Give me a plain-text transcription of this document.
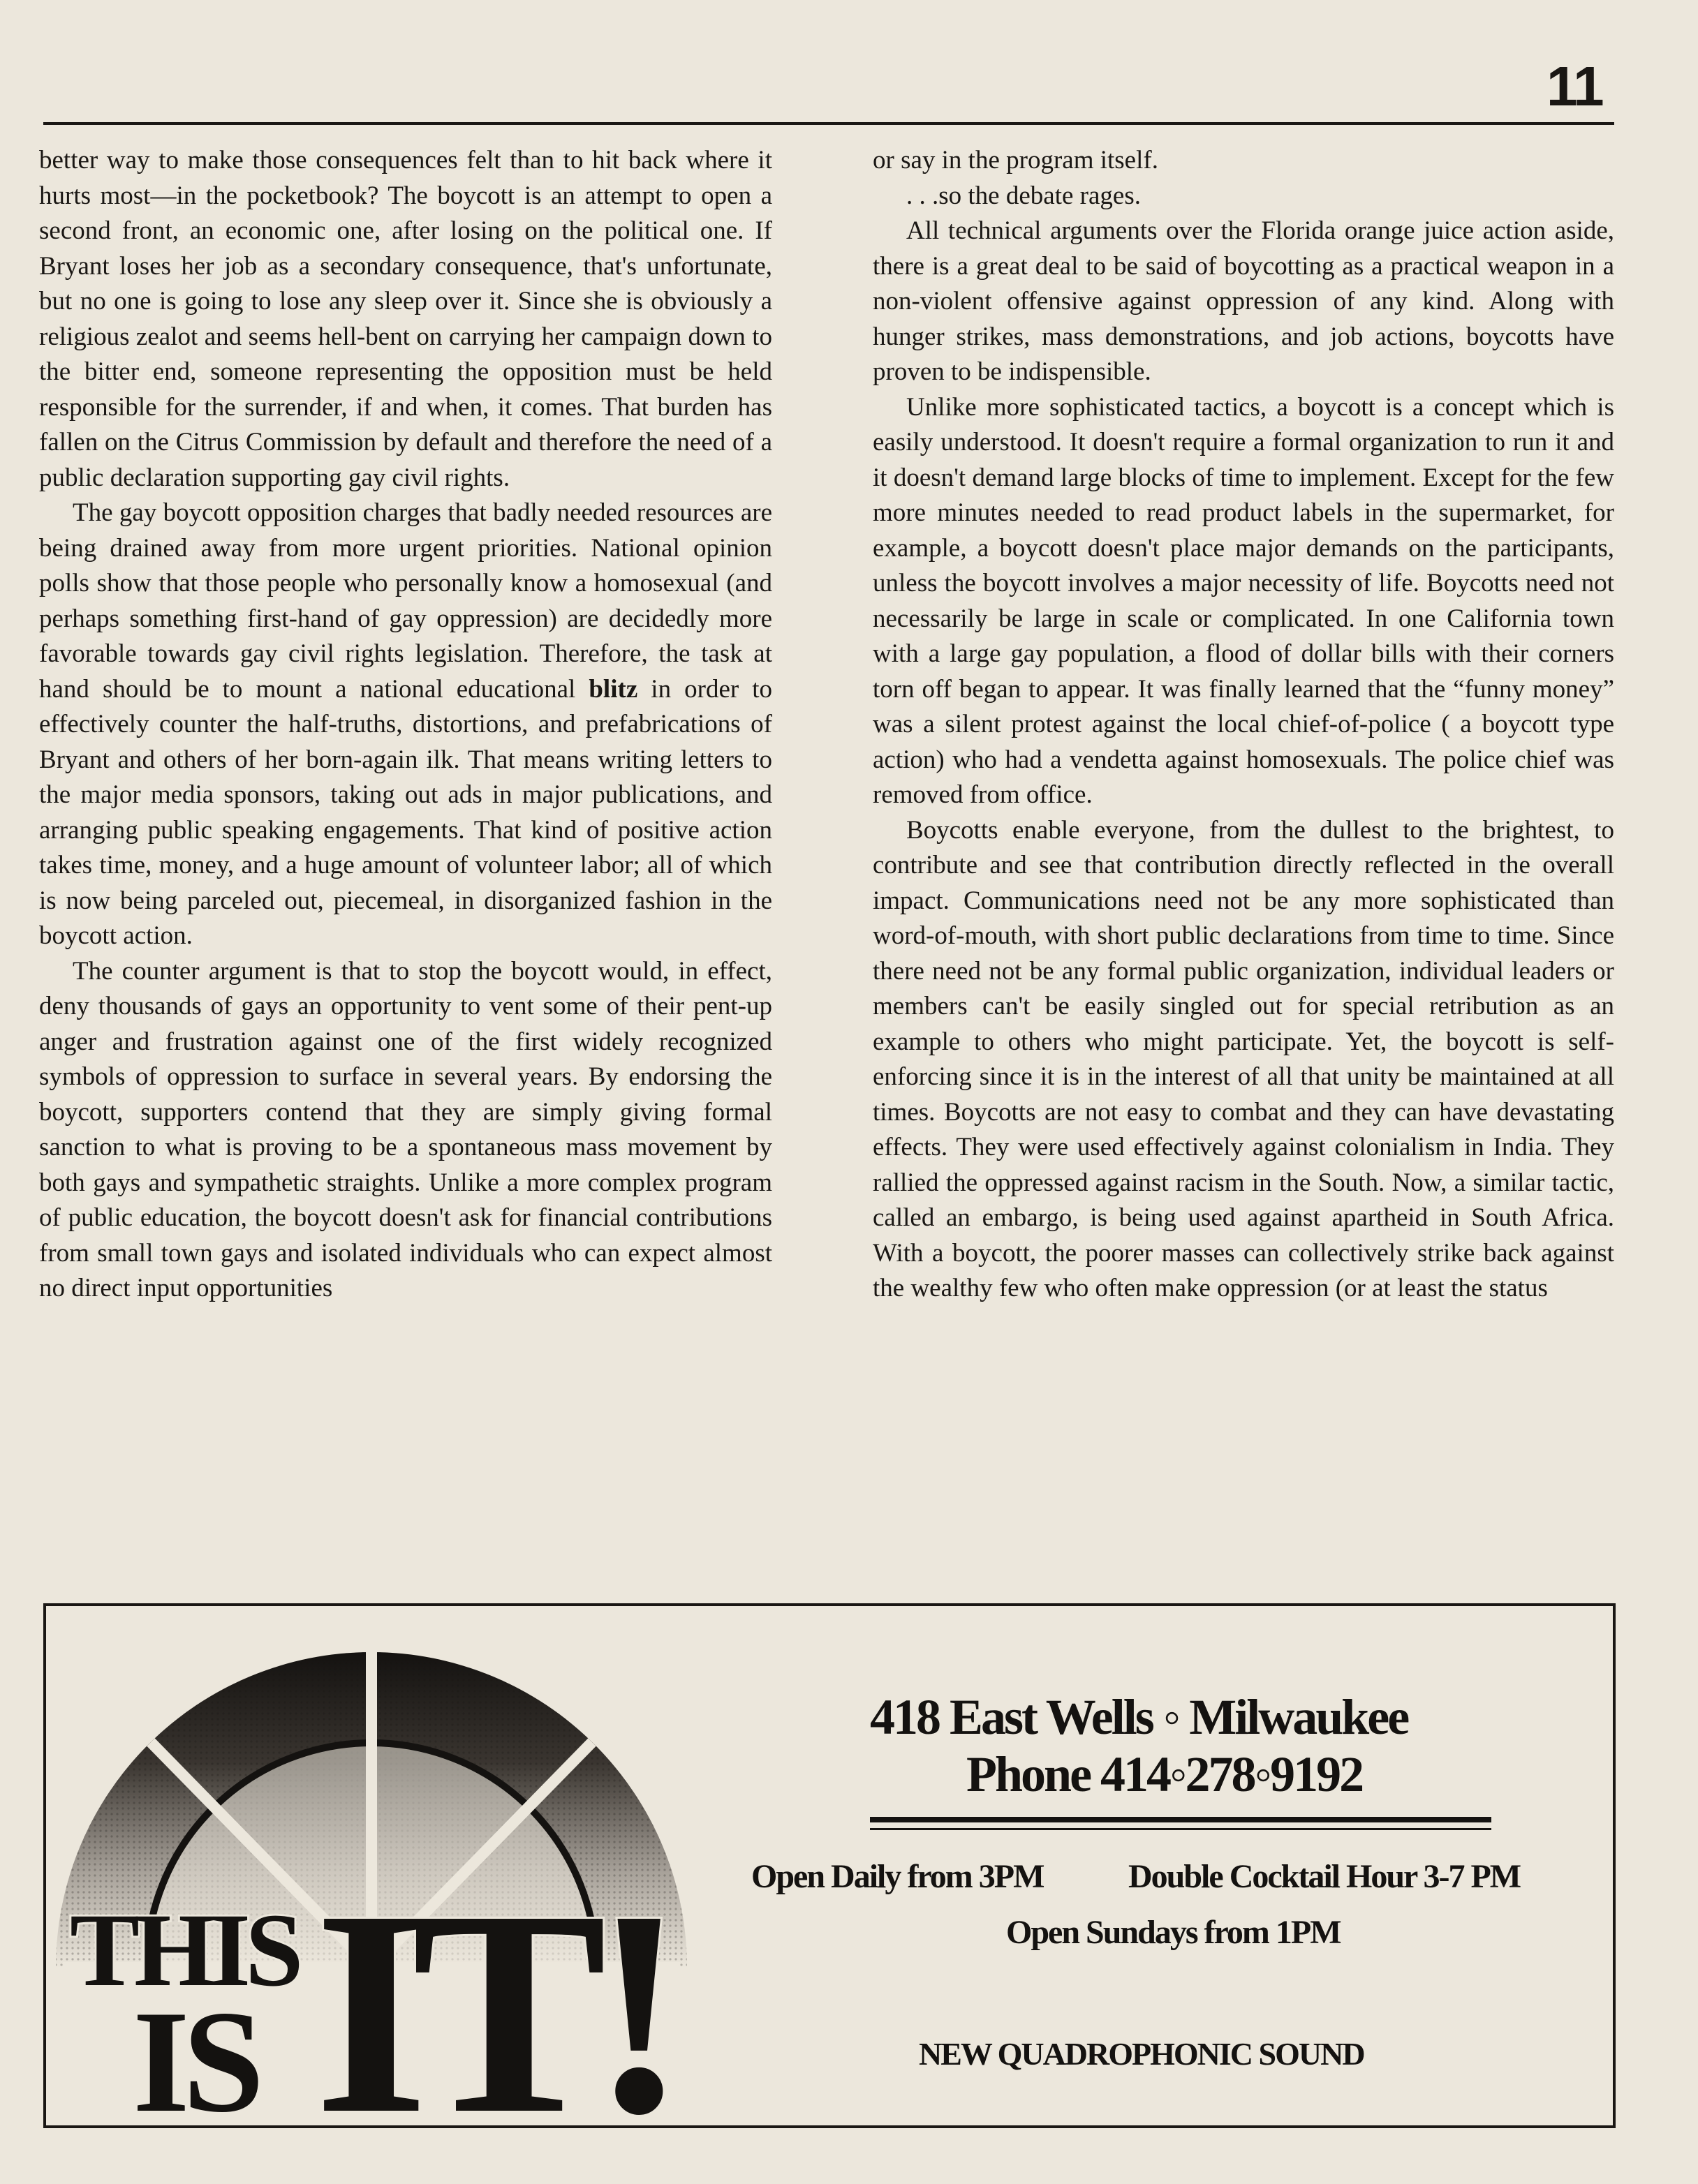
11

better way to make those consequences felt than to hit back where it hurts most—in the pocketbook? The boycott is an attempt to open a second front, an economic one, after losing on the political one. If Bryant loses her job as a secondary consequence, that's unfortunate, but no one is going to lose any sleep over it. Since she is obviously a religious zealot and seems hell-bent on carrying her campaign down to the bitter end, someone representing the opposition must be held responsible for the surrender, if and when, it comes. That burden has fallen on the Citrus Commission by default and therefore the need of a public declaration supporting gay civil rights.

The gay boycott opposition charges that badly needed resources are being drained away from more urgent priorities. National opinion polls show that those people who personally know a homosexual (and perhaps something first-hand of gay oppression) are decidedly more favorable towards gay civil rights legislation. Therefore, the task at hand should be to mount a national educational blitz in order to effectively counter the half-truths, distortions, and prefabrications of Bryant and others of her born-again ilk. That means writing letters to the major media sponsors, taking out ads in major publications, and arranging public speaking engagements. That kind of positive action takes time, money, and a huge amount of volunteer labor; all of which is now being parceled out, piecemeal, in disorganized fashion in the boycott action.

The counter argument is that to stop the boycott would, in effect, deny thousands of gays an opportunity to vent some of their pent-up anger and frustration against one of the first widely recognized symbols of oppression to surface in several years. By endorsing the boycott, supporters contend that they are simply giving formal sanction to what is proving to be a spontaneous mass movement by both gays and sympathetic straights. Unlike a more complex program of public education, the boycott doesn't ask for financial contributions from small town gays and isolated individuals who can expect almost no direct input opportunities

or say in the program itself.

. . .so the debate rages.

All technical arguments over the Florida orange juice action aside, there is a great deal to be said of boycotting as a practical weapon in a non-violent offensive against oppression of any kind. Along with hunger strikes, mass demonstrations, and job actions, boycotts have proven to be indispensible.

Unlike more sophisticated tactics, a boycott is a concept which is easily understood. It doesn't require a formal organization to run it and it doesn't demand large blocks of time to implement. Except for the few more minutes needed to read product labels in the supermarket, for example, a boycott doesn't place major demands on the participants, unless the boycott involves a major necessity of life. Boycotts need not necessarily be large in scale or complicated. In one California town with a large gay population, a flood of dollar bills with their corners torn off began to appear. It was finally learned that the “funny money” was a silent protest against the local chief-of-police ( a boycott type action) who had a vendetta against homosexuals. The police chief was removed from office.

Boycotts enable everyone, from the dullest to the brightest, to contribute and see that contribution directly reflected in the overall impact. Communications need not be any more sophisticated than word-of-mouth, with short public declarations from time to time. Since there need not be any formal public organization, individual leaders or members can't be easily singled out for special retribution as an example to others who might participate. Yet, the boycott is self-enforcing since it is in the interest of all that unity be maintained at all times. Boycotts are not easy to combat and they can have devastating effects. They were used effectively against colonialism in India. They rallied the oppressed against racism in the South. Now, a similar tactic, called an embargo, is being used against apartheid in South Africa. With a boycott, the poorer masses can collectively strike back against the wealthy few who often make oppression (or at least the status

THIS
IS IT!
418 East Wells ◦ Milwaukee
Phone 414◦278◦9192
Open Daily from 3PM	Double Cocktail Hour 3-7 PM
Open Sundays from 1PM
NEW QUADROPHONIC SOUND
